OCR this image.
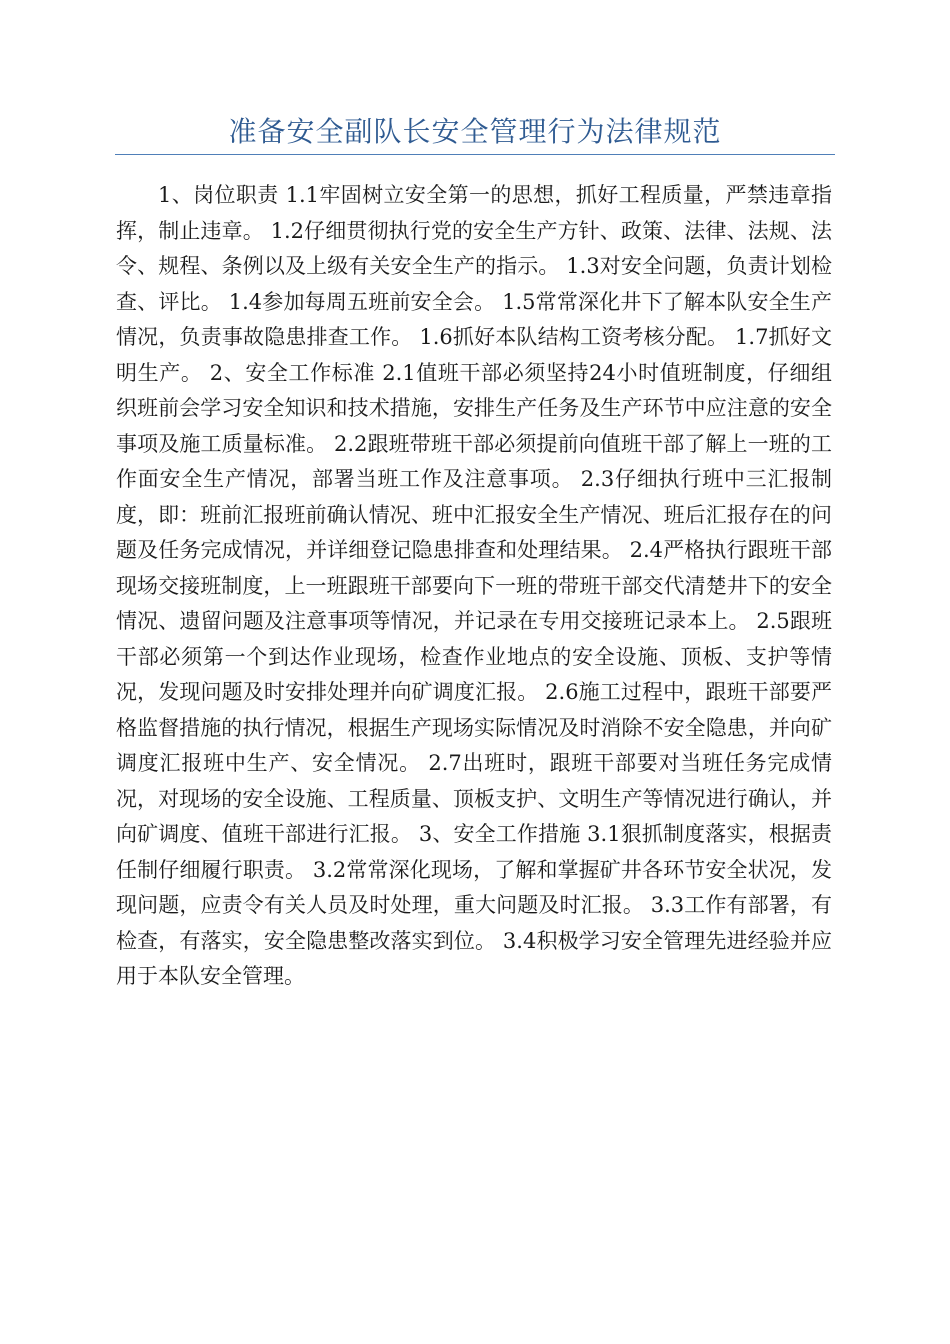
准备安全副队长安全管理行为法律规范

1、岗位职责 1.1牢固树立安全第一的思想，抓好工程质量，严禁违章指挥，制止违章。 1.2仔细贯彻执行党的安全生产方针、政策、法律、法规、法令、规程、条例以及上级有关安全生产的指示。 1.3对安全问题，负责计划检查、评比。 1.4参加每周五班前安全会。 1.5常常深化井下了解本队安全生产情况，负责事故隐患排查工作。 1.6抓好本队结构工资考核分配。 1.7抓好文明生产。 2、安全工作标准 2.1值班干部必须坚持24小时值班制度，仔细组织班前会学习安全知识和技术措施，安排生产任务及生产环节中应注意的安全事项及施工质量标准。 2.2跟班带班干部必须提前向值班干部了解上一班的工作面安全生产情况，部署当班工作及注意事项。 2.3仔细执行班中三汇报制度，即：班前汇报班前确认情况、班中汇报安全生产情况、班后汇报存在的问题及任务完成情况，并详细登记隐患排查和处理结果。 2.4严格执行跟班干部现场交接班制度，上一班跟班干部要向下一班的带班干部交代清楚井下的安全情况、遗留问题及注意事项等情况，并记录在专用交接班记录本上。 2.5跟班干部必须第一个到达作业现场，检查作业地点的安全设施、顶板、支护等情况，发现问题及时安排处理并向矿调度汇报。 2.6施工过程中，跟班干部要严格监督措施的执行情况，根据生产现场实际情况及时消除不安全隐患，并向矿调度汇报班中生产、安全情况。 2.7出班时，跟班干部要对当班任务完成情况，对现场的安全设施、工程质量、顶板支护、文明生产等情况进行确认，并向矿调度、值班干部进行汇报。 3、安全工作措施 3.1狠抓制度落实，根据责任制仔细履行职责。 3.2常常深化现场，了解和掌握矿井各环节安全状况，发现问题，应责令有关人员及时处理，重大问题及时汇报。 3.3工作有部署，有检查，有落实，安全隐患整改落实到位。 3.4积极学习安全管理先进经验并应用于本队安全管理。
